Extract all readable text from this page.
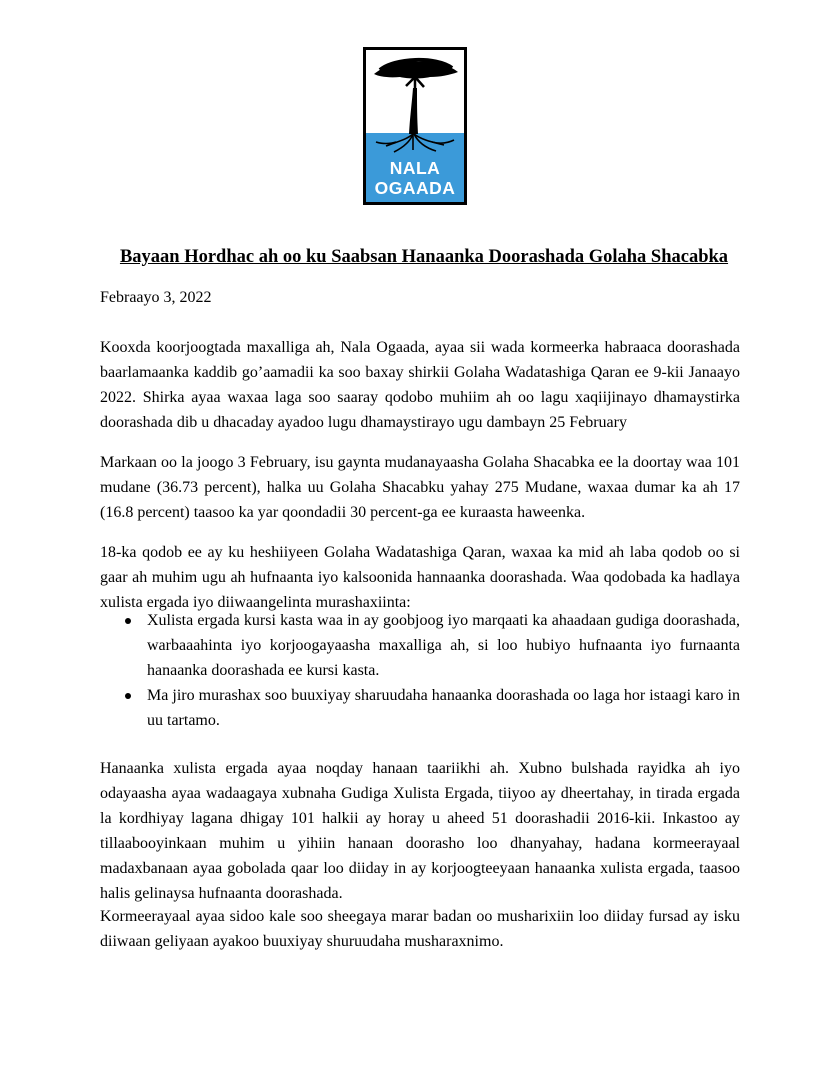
NALA
OGAADA
Bayaan Hordhac ah oo ku Saabsan Hanaanka Doorashada Golaha Shacabka
Febraayo 3, 2022

Kooxda koorjoogtada maxalliga ah, Nala Ogaada, ayaa sii wada kormeerka habraaca doorashada baarlamaanka kaddib go’aamadii ka soo baxay shirkii Golaha Wadatashiga Qaran ee 9-kii Janaayo 2022. Shirka ayaa waxaa laga soo saaray qodobo muhiim ah oo lagu xaqiijinayo dhamaystirka doorashada dib u dhacaday ayadoo lugu dhamaystirayo ugu dambayn 25 February

Markaan oo la joogo 3 February, isu gaynta mudanayaasha Golaha Shacabka ee la doortay waa 101 mudane (36.73 percent), halka uu Golaha Shacabku yahay 275 Mudane, waxaa dumar ka ah 17 (16.8 percent) taasoo ka yar qoondadii 30 percent-ga ee kuraasta haweenka.

18-ka qodob ee ay ku heshiiyeen Golaha Wadatashiga Qaran, waxaa ka mid ah laba qodob oo si gaar ah muhim ugu ah hufnaanta iyo kalsoonida hannaanka doorashada. Waa qodobada ka hadlaya xulista ergada iyo diiwaangelinta murashaxiinta:

Xulista ergada kursi kasta waa in ay goobjoog iyo marqaati ka ahaadaan gudiga doorashada, warbaaahinta iyo korjoogayaasha maxalliga ah, si loo hubiyo hufnaanta iyo furnaanta hanaanka doorashada ee kursi kasta.
Ma jiro murashax soo buuxiyay sharuudaha hanaanka doorashada oo laga hor istaagi karo in uu tartamo.

Hanaanka xulista ergada ayaa noqday hanaan taariikhi ah. Xubno bulshada rayidka ah iyo odayaasha ayaa wadaagaya xubnaha Gudiga Xulista Ergada, tiiyoo ay dheertahay, in tirada ergada la kordhiyay lagana dhigay 101 halkii ay horay u aheed 51 doorashadii 2016-kii. Inkastoo ay tillaabooyinkaan muhim u yihiin hanaan doorasho loo dhanyahay, hadana kormeerayaal madaxbanaan ayaa gobolada qaar loo diiday in ay korjoogteeyaan hanaanka xulista ergada, taasoo halis gelinaysa hufnaanta doorashada.

Kormeerayaal ayaa sidoo kale soo sheegaya marar badan oo musharixiin loo diiday fursad ay isku diiwaan geliyaan ayakoo buuxiyay shuruudaha musharaxnimo.
